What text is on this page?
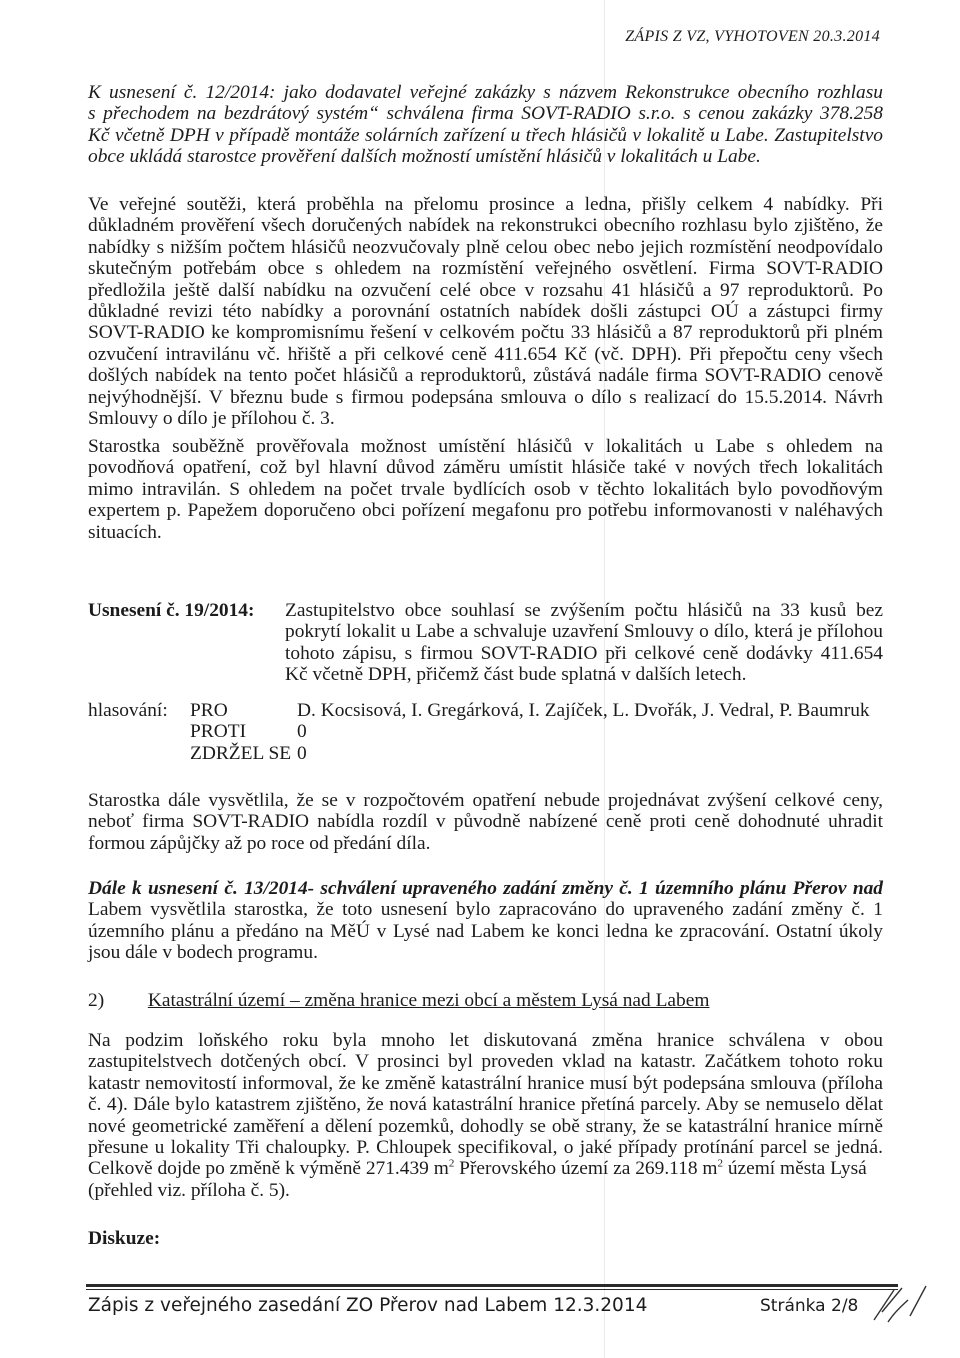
ZÁPIS Z VZ, VYHOTOVEN 20.3.2014
K usnesení č. 12/2014: jako dodavatel veřejné zakázky s názvem Rekonstrukce obecního rozhlasu
s přechodem na bezdrátový systém“ schválena firma SOVT-RADIO s.r.o. s cenou zakázky 378.258
Kč včetně DPH v případě montáže solárních zařízení u třech hlásičů v lokalitě u Labe. Zastupitelstvo
obce ukládá starostce prověření dalších možností umístění hlásičů v lokalitách u Labe.
Ve veřejné soutěži, která proběhla na přelomu prosince a ledna, přišly celkem 4 nabídky. Při
důkladném prověření všech doručených nabídek na rekonstrukci obecního rozhlasu bylo zjištěno, že
nabídky s nižším počtem hlásičů neozvučovaly plně celou obec nebo jejich rozmístění neodpovídalo
skutečným potřebám obce s ohledem na rozmístění veřejného osvětlení. Firma SOVT-RADIO
předložila ještě další nabídku na ozvučení celé obce v rozsahu 41 hlásičů a 97 reproduktorů. Po
důkladné revizi této nabídky a porovnání ostatních nabídek došli zástupci OÚ a zástupci firmy
SOVT-RADIO ke kompromisnímu řešení v celkovém počtu 33 hlásičů a 87 reproduktorů při plném
ozvučení intravilánu vč. hřiště a při celkové ceně 411.654 Kč (vč. DPH). Při přepočtu ceny všech
došlých nabídek na tento počet hlásičů a reproduktorů, zůstává nadále firma SOVT-RADIO cenově
nejvýhodnější. V březnu bude s firmou podepsána smlouva o dílo s realizací do 15.5.2014. Návrh
Smlouvy o dílo je přílohou č. 3.
Starostka souběžně prověřovala možnost umístění hlásičů v lokalitách u Labe s ohledem na
povodňová opatření, což byl hlavní důvod záměru umístit hlásiče také v nových třech lokalitách
mimo intravilán. S ohledem na počet trvale bydlících osob v těchto lokalitách bylo povodňovým
expertem p. Papežem doporučeno obci pořízení megafonu pro potřebu informovanosti v naléhavých
situacích.
Usnesení č. 19/2014: Zastupitelstvo obce souhlasí se zvýšením počtu hlásičů na 33 kusů bez
pokrytí lokalit u Labe a schvaluje uzavření Smlouvy o dílo, která je přílohou
tohoto zápisu, s firmou SOVT-RADIO při celkové ceně dodávky 411.654
Kč včetně DPH, přičemž část bude splatná v dalších letech.
hlasování: PRO	D. Kocsisová, I. Gregárková, I. Zajíček, L. Dvořák, J. Vedral, P. Baumruk
PROTI	0
ZDRŽEL SE 0
Starostka dále vysvětlila, že se v rozpočtovém opatření nebude projednávat zvýšení celkové ceny,
neboť firma SOVT-RADIO nabídla rozdíl v původně nabízené ceně proti ceně dohodnuté uhradit
formou zápůjčky až po roce od předání díla.
Dále k usnesení č. 13/2014- schválení upraveného zadání změny č. 1 územního plánu Přerov nad
Labem vysvětlila starostka, že toto usnesení bylo zapracováno do upraveného zadání změny č. 1
územního plánu a předáno na MěÚ v Lysé nad Labem ke konci ledna ke zpracování. Ostatní úkoly
jsou dále v bodech programu.
2) Katastrální území – změna hranice mezi obcí a městem Lysá nad Labem
Na podzim loňského roku byla mnoho let diskutovaná změna hranice schválena v obou
zastupitelstvech dotčených obcí. V prosinci byl proveden vklad na katastr. Začátkem tohoto roku
katastr nemovitostí informoval, že ke změně katastrální hranice musí být podepsána smlouva (příloha
č. 4). Dále bylo katastrem zjištěno, že nová katastrální hranice přetíná parcely. Aby se nemuselo dělat
nové geometrické zaměření a dělení pozemků, dohodly se obě strany, že se katastrální hranice mírně
přesune u lokality Tři chaloupky. P. Chloupek specifikoval, o jaké případy protínání parcel se jedná.
Celkově dojde po změně k výměně 271.439 $m^2$ Přerovského území za 269.118 $m^2$ území města Lysá
(přehled viz. příloha č. 5).
Diskuze:
Zápis z veřejného zasedání ZO Přerov nad Labem 12.3.2014	Stránka 2/8
